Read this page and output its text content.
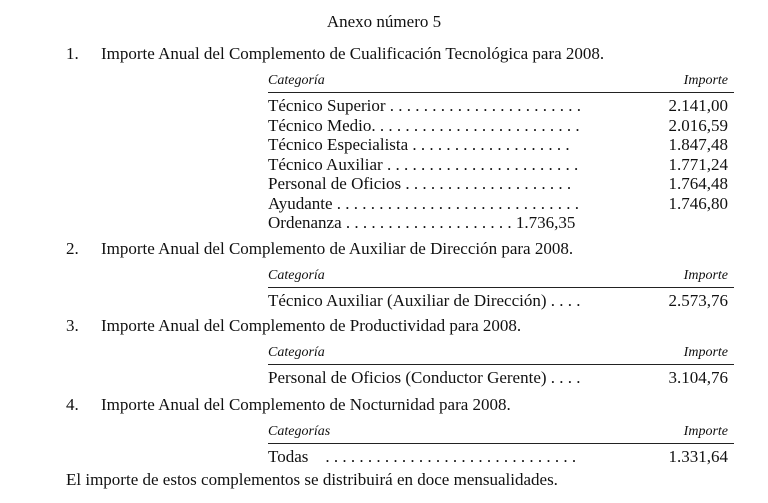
Anexo número 5
1. Importe Anual del Complemento de Cualificación Tecnológica para 2008.
Categoría	Importe
Técnico Superior . . . . . . . . . . . . . . . . . . . . . . .	2.141,00
Técnico Medio. . . . . . . . . . . . . . . . . . . . . . . . .	2.016,59
Técnico Especialista . . . . . . . . . . . . . . . . . . .	1.847,48
Técnico Auxiliar . . . . . . . . . . . . . . . . . . . . . . .	1.771,24
Personal de Oficios . . . . . . . . . . . . . . . . . . . .	1.764,48
Ayudante . . . . . . . . . . . . . . . . . . . . . . . . . . . . .	1.746,80
Ordenanza . . . . . . . . . . . . . . . . . . . . 1.736,35
2. Importe Anual del Complemento de Auxiliar de Dirección para 2008.
Categoría	Importe
Técnico Auxiliar (Auxiliar de Dirección) . . . .	2.573,76
3. Importe Anual del Complemento de Productividad para 2008.
Categoría	Importe
Personal de Oficios (Conductor Gerente) . . . .	3.104,76
4. Importe Anual del Complemento de Nocturnidad para 2008.
Categorías	Importe
Todas    . . . . . . . . . . . . . . . . . . . . . . . . . . . . . .	1.331,64
El importe de estos complementos se distribuirá en doce mensualidades.
